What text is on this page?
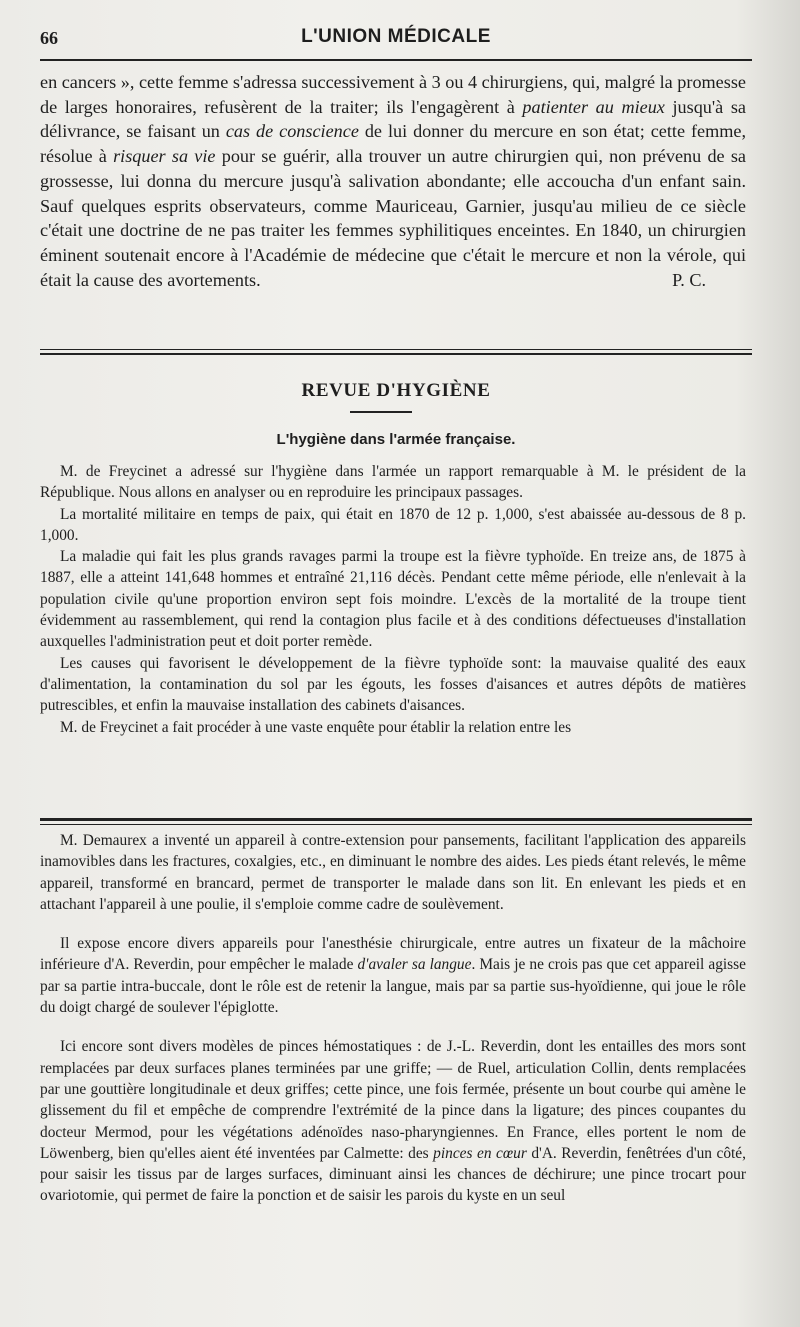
66	L'UNION MÉDICALE

en cancers », cette femme s'adressa successivement à 3 ou 4 chirurgiens, qui, malgré la promesse de larges honoraires, refusèrent de la traiter; ils l'engagèrent à patienter au mieux jusqu'à sa délivrance, se faisant un cas de conscience de lui donner du mercure en son état; cette femme, résolue à risquer sa vie pour se guérir, alla trouver un autre chirurgien qui, non prévenu de sa grossesse, lui donna du mercure jusqu'à salivation abondante; elle accoucha d'un enfant sain. Sauf quelques esprits observateurs, comme Mauriceau, Garnier, jusqu'au milieu de ce siècle c'était une doctrine de ne pas traiter les femmes syphilitiques enceintes. En 1840, un chirurgien éminent soutenait encore à l'Académie de médecine que c'était le mercure et non la vérole, qui était la cause des avortements.	P. C.

REVUE D'HYGIÈNE
L'hygiène dans l'armée française.

M. de Freycinet a adressé sur l'hygiène dans l'armée un rapport remarquable à M. le président de la République. Nous allons en analyser ou en reproduire les principaux passages.

La mortalité militaire en temps de paix, qui était en 1870 de 12 p. 1,000, s'est abaissée au-dessous de 8 p. 1,000.

La maladie qui fait les plus grands ravages parmi la troupe est la fièvre typhoïde. En treize ans, de 1875 à 1887, elle a atteint 141,648 hommes et entraîné 21,116 décès. Pendant cette même période, elle n'enlevait à la population civile qu'une proportion environ sept fois moindre. L'excès de la mortalité de la troupe tient évidemment au rassemblement, qui rend la contagion plus facile et à des conditions défectueuses d'installation auxquelles l'administration peut et doit porter remède.

Les causes qui favorisent le développement de la fièvre typhoïde sont: la mauvaise qualité des eaux d'alimentation, la contamination du sol par les égouts, les fosses d'aisances et autres dépôts de matières putrescibles, et enfin la mauvaise installation des cabinets d'aisances.

M. de Freycinet a fait procéder à une vaste enquête pour établir la relation entre les

M. Demaurex a inventé un appareil à contre-extension pour pansements, facilitant l'application des appareils inamovibles dans les fractures, coxalgies, etc., en diminuant le nombre des aides. Les pieds étant relevés, le même appareil, transformé en brancard, permet de transporter le malade dans son lit. En enlevant les pieds et en attachant l'appareil à une poulie, il s'emploie comme cadre de soulèvement.

Il expose encore divers appareils pour l'anesthésie chirurgicale, entre autres un fixateur de la mâchoire inférieure d'A. Reverdin, pour empêcher le malade d'avaler sa langue. Mais je ne crois pas que cet appareil agisse par sa partie intra-buccale, dont le rôle est de retenir la langue, mais par sa partie sus-hyoïdienne, qui joue le rôle du doigt chargé de soulever l'épiglotte.

Ici encore sont divers modèles de pinces hémostatiques : de J.-L. Reverdin, dont les entailles des mors sont remplacées par deux surfaces planes terminées par une griffe; — de Ruel, articulation Collin, dents remplacées par une gouttière longitudinale et deux griffes; cette pince, une fois fermée, présente un bout courbe qui amène le glissement du fil et empêche de comprendre l'extrémité de la pince dans la ligature; des pinces coupantes du docteur Mermod, pour les végétations adénoïdes naso-pharyngiennes. En France, elles portent le nom de Löwenberg, bien qu'elles aient été inventées par Calmette: des pinces en cœur d'A. Reverdin, fenêtrées d'un côté, pour saisir les tissus par de larges surfaces, diminuant ainsi les chances de déchirure; une pince trocart pour ovariotomie, qui permet de faire la ponction et de saisir les parois du kyste en un seul
